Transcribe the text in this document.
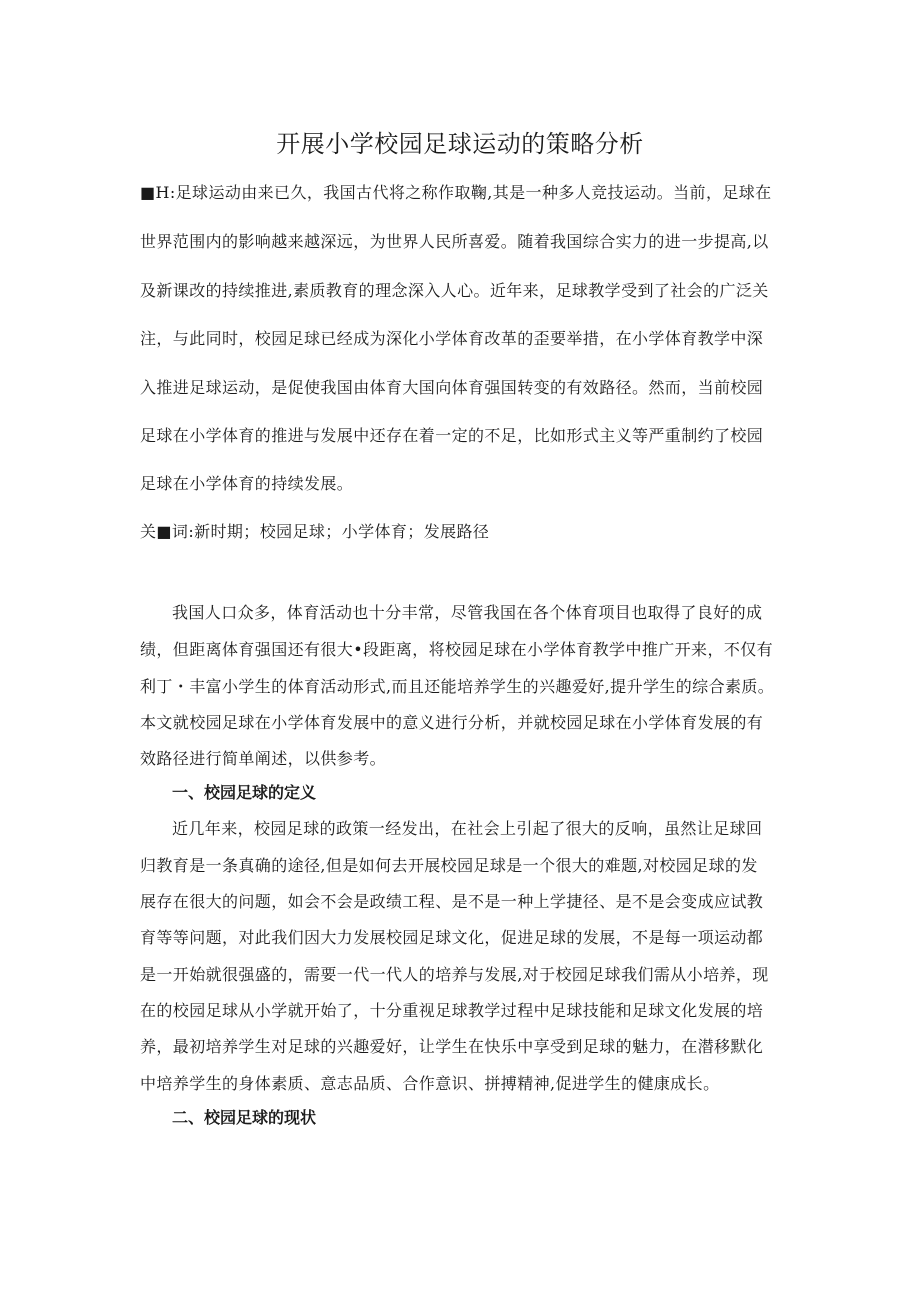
开展小学校园足球运动的策略分析
■H:足球运动由来已久，我国古代将之称作取鞠,其是一种多人竞技运动。当前，足球在
世界范围内的影响越来越深远，为世界人民所喜爱。随着我国综合实力的进一步提高,以
及新课改的持续推进,素质教育的理念深入人心。近年来，足球教学受到了社会的广泛关
注，与此同时，校园足球已经成为深化小学体育改革的歪要举措，在小学体育教学中深
入推进足球运动，是促使我国由体育大国向体育强国转变的有效路径。然而，当前校园
足球在小学体育的推进与发展中还存在着一定的不足，比如形式主义等严重制约了校园
足球在小学体育的持续发展。
关■词:新时期；校园足球；小学体育；发展路径
我国人口众多，体育活动也十分丰常，尽管我国在各个体育项目也取得了良好的成
绩，但距离体育强国还有很大•段距离，将校园足球在小学体育教学中推广开来，不仅有
利丁・丰富小学生的体育活动形式,而且还能培养学生的兴趣爱好,提升学生的综合素质。
本文就校园足球在小学体育发展中的意义进行分析，并就校园足球在小学体育发展的有
效路径进行简单阐述，以供参考。
一、校园足球的定义
近几年来，校园足球的政策一经发出，在社会上引起了很大的反响，虽然让足球回
归教育是一条真确的途径,但是如何去开展校园足球是一个很大的难题,对校园足球的发
展存在很大的问题，如会不会是政绩工程、是不是一种上学捷径、是不是会变成应试教
育等等问题，对此我们因大力发展校园足球文化，促进足球的发展，不是每一项运动都
是一开始就很强盛的，需要一代一代人的培养与发展,对于校园足球我们需从小培养，现
在的校园足球从小学就开始了，十分重视足球教学过程中足球技能和足球文化发展的培
养，最初培养学生对足球的兴趣爱好，让学生在快乐中享受到足球的魅力，在潜移默化
中培养学生的身体素质、意志品质、合作意识、拼搏精神,促进学生的健康成长。
二、校园足球的现状
